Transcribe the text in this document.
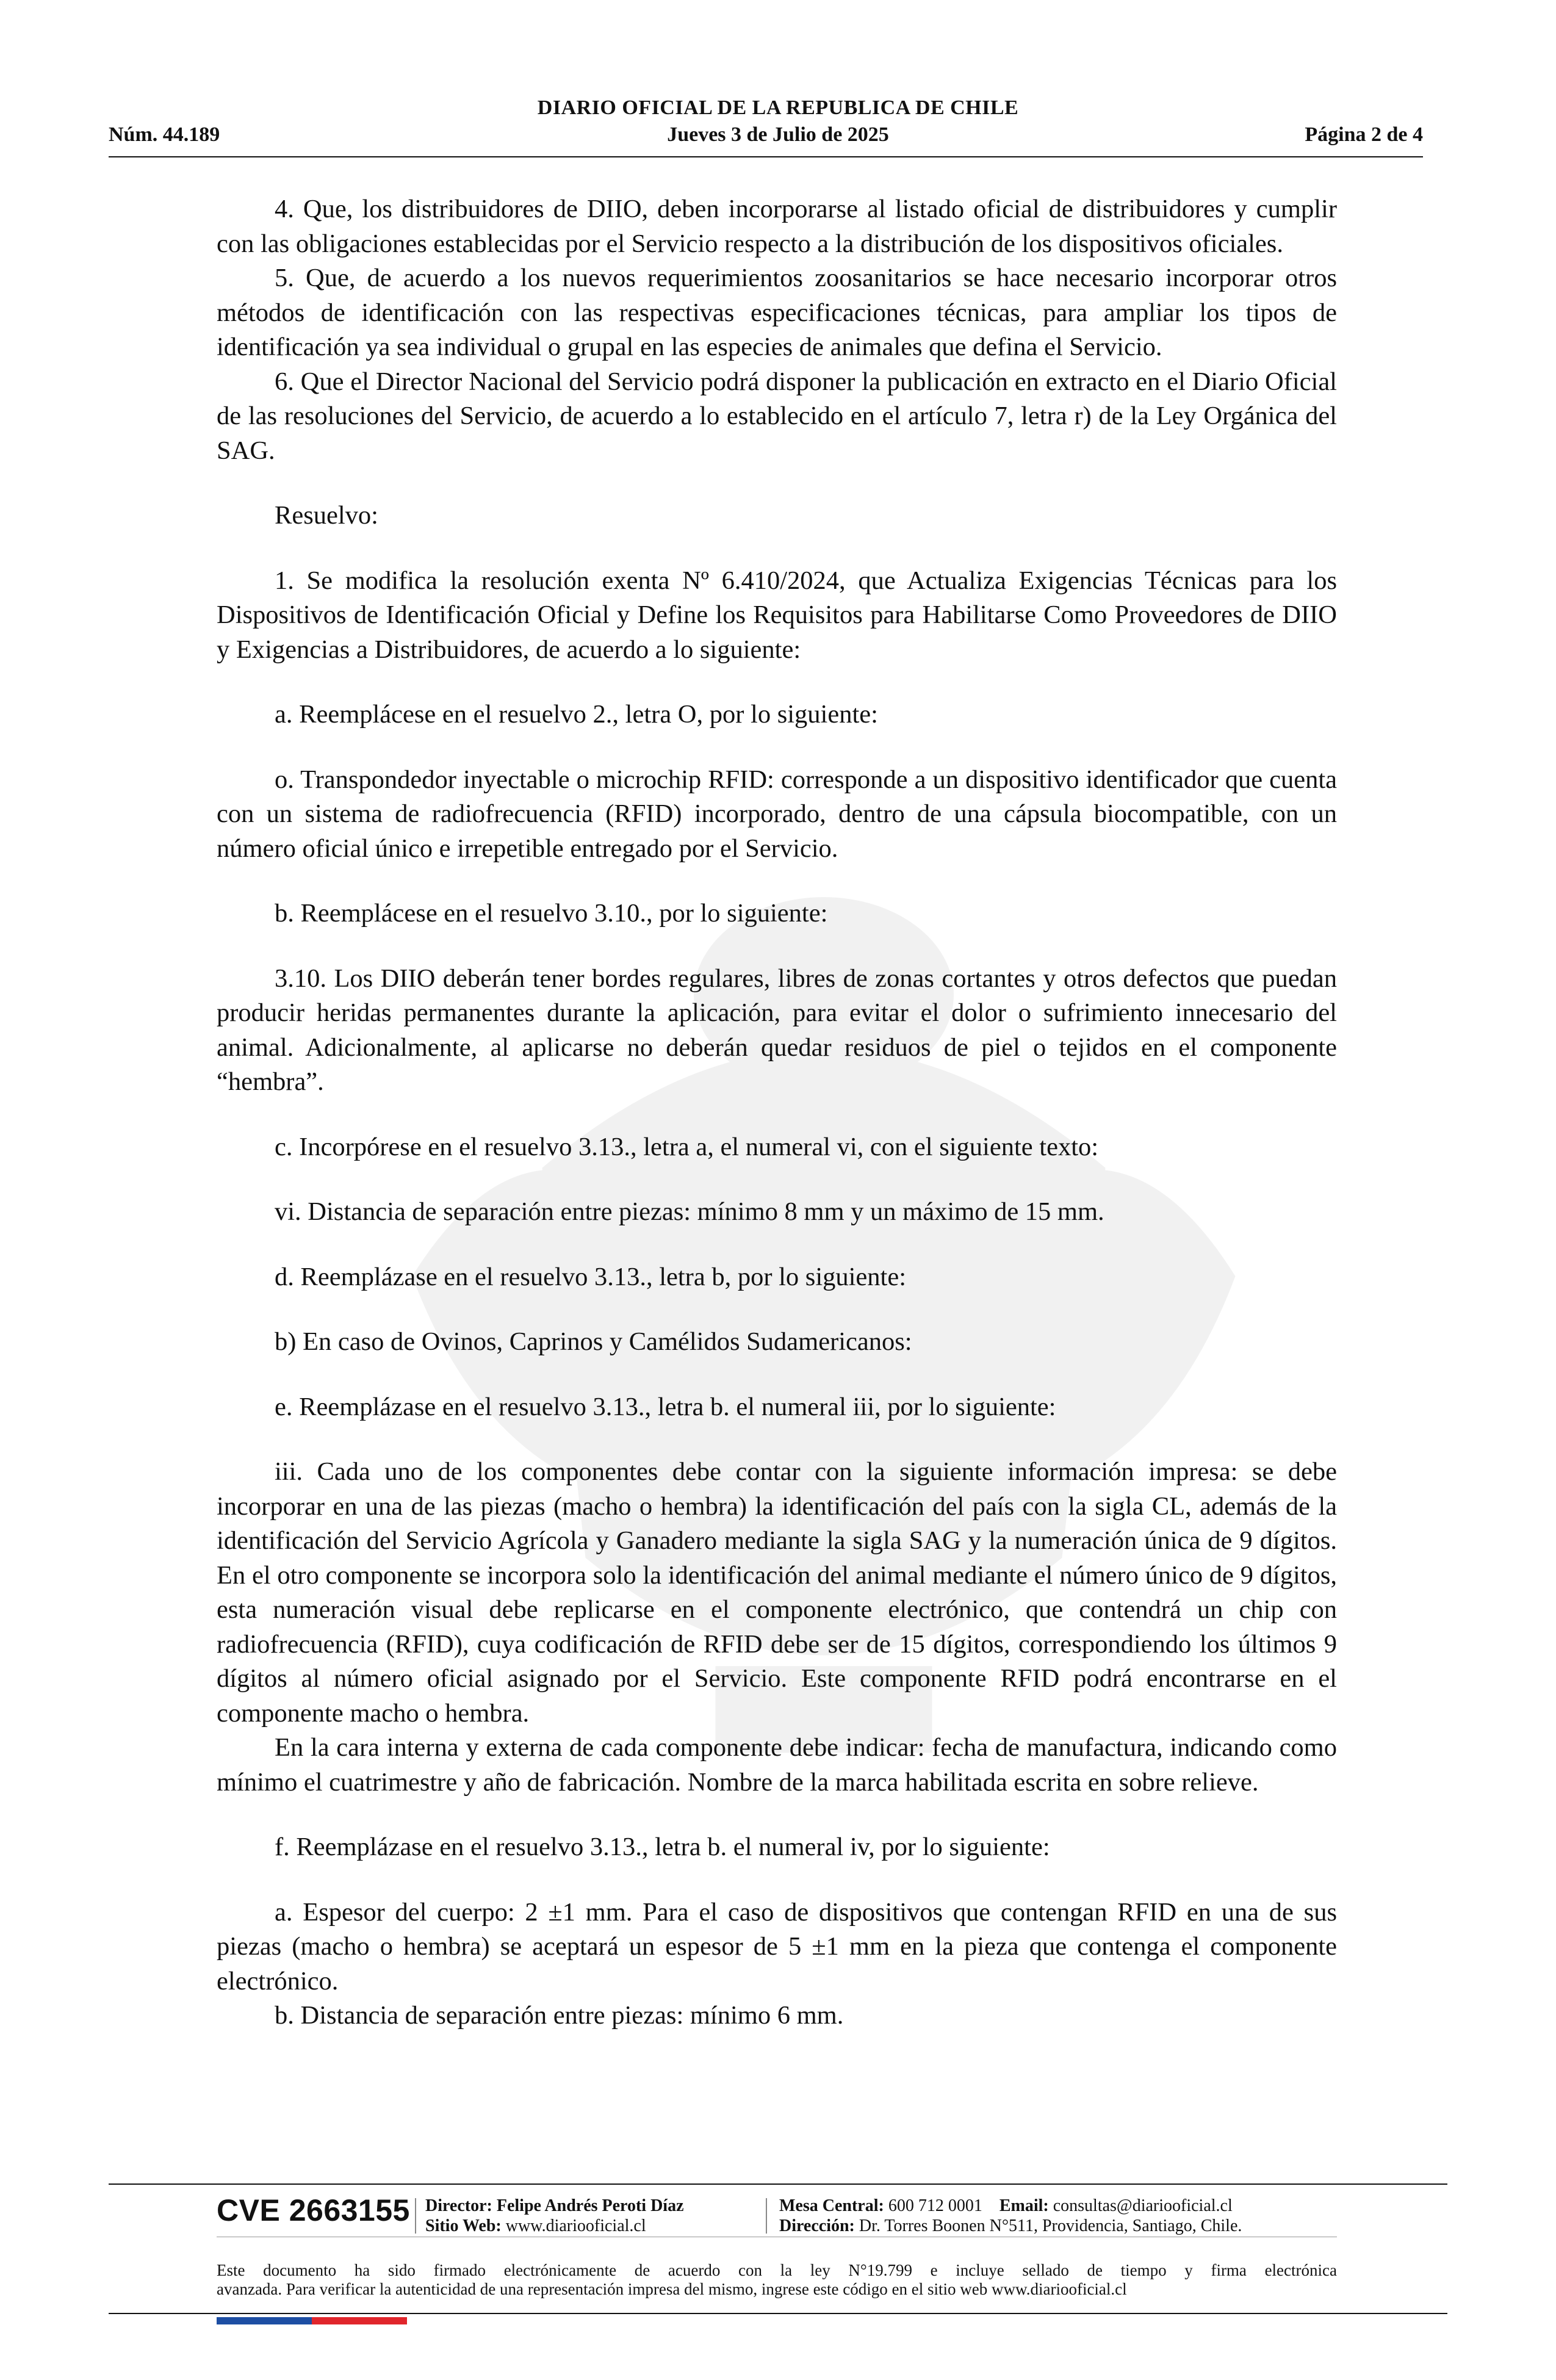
DIARIO OFICIAL DE LA REPUBLICA DE CHILE
Núm. 44.189	Jueves 3 de Julio de 2025	Página 2 de 4

4. Que, los distribuidores de DIIO, deben incorporarse al listado oficial de distribuidores y cumplir con las obligaciones establecidas por el Servicio respecto a la distribución de los dispositivos oficiales.

5. Que, de acuerdo a los nuevos requerimientos zoosanitarios se hace necesario incorporar otros métodos de identificación con las respectivas especificaciones técnicas, para ampliar los tipos de identificación ya sea individual o grupal en las especies de animales que defina el Servicio.

6. Que el Director Nacional del Servicio podrá disponer la publicación en extracto en el Diario Oficial de las resoluciones del Servicio, de acuerdo a lo establecido en el artículo 7, letra r) de la Ley Orgánica del SAG.

Resuelvo:

1. Se modifica la resolución exenta Nº 6.410/2024, que Actualiza Exigencias Técnicas para los Dispositivos de Identificación Oficial y Define los Requisitos para Habilitarse Como Proveedores de DIIO y Exigencias a Distribuidores, de acuerdo a lo siguiente:

a. Reemplácese en el resuelvo 2., letra O, por lo siguiente:

o. Transpondedor inyectable o microchip RFID: corresponde a un dispositivo identificador que cuenta con un sistema de radiofrecuencia (RFID) incorporado, dentro de una cápsula biocompatible, con un número oficial único e irrepetible entregado por el Servicio.

b. Reemplácese en el resuelvo 3.10., por lo siguiente:

3.10. Los DIIO deberán tener bordes regulares, libres de zonas cortantes y otros defectos que puedan producir heridas permanentes durante la aplicación, para evitar el dolor o sufrimiento innecesario del animal. Adicionalmente, al aplicarse no deberán quedar residuos de piel o tejidos en el componente “hembra”.

c. Incorpórese en el resuelvo 3.13., letra a, el numeral vi, con el siguiente texto:

vi. Distancia de separación entre piezas: mínimo 8 mm y un máximo de 15 mm.

d. Reemplázase en el resuelvo 3.13., letra b, por lo siguiente:

b) En caso de Ovinos, Caprinos y Camélidos Sudamericanos:

e. Reemplázase en el resuelvo 3.13., letra b. el numeral iii, por lo siguiente:

iii. Cada uno de los componentes debe contar con la siguiente información impresa: se debe incorporar en una de las piezas (macho o hembra) la identificación del país con la sigla CL, además de la identificación del Servicio Agrícola y Ganadero mediante la sigla SAG y la numeración única de 9 dígitos. En el otro componente se incorpora solo la identificación del animal mediante el número único de 9 dígitos, esta numeración visual debe replicarse en el componente electrónico, que contendrá un chip con radiofrecuencia (RFID), cuya codificación de RFID debe ser de 15 dígitos, correspondiendo los últimos 9 dígitos al número oficial asignado por el Servicio. Este componente RFID podrá encontrarse en el componente macho o hembra.

En la cara interna y externa de cada componente debe indicar: fecha de manufactura, indicando como mínimo el cuatrimestre y año de fabricación. Nombre de la marca habilitada escrita en sobre relieve.

f. Reemplázase en el resuelvo 3.13., letra b. el numeral iv, por lo siguiente:

a. Espesor del cuerpo: 2 ±1 mm. Para el caso de dispositivos que contengan RFID en una de sus piezas (macho o hembra) se aceptará un espesor de 5 ±1 mm en la pieza que contenga el componente electrónico.

b. Distancia de separación entre piezas: mínimo 6 mm.

CVE 2663155 Director: Felipe Andrés Peroti Díaz
Sitio Web: www.diariooficial.cl
Mesa Central: 600 712 0001 Email: consultas@diariooficial.cl
Dirección: Dr. Torres Boonen N°511, Providencia, Santiago, Chile.
Este documento ha sido firmado electrónicamente de acuerdo con la ley N°19.799 e incluye sellado de tiempo y firma electrónica
avanzada. Para verificar la autenticidad de una representación impresa del mismo, ingrese este código en el sitio web www.diariooficial.cl
